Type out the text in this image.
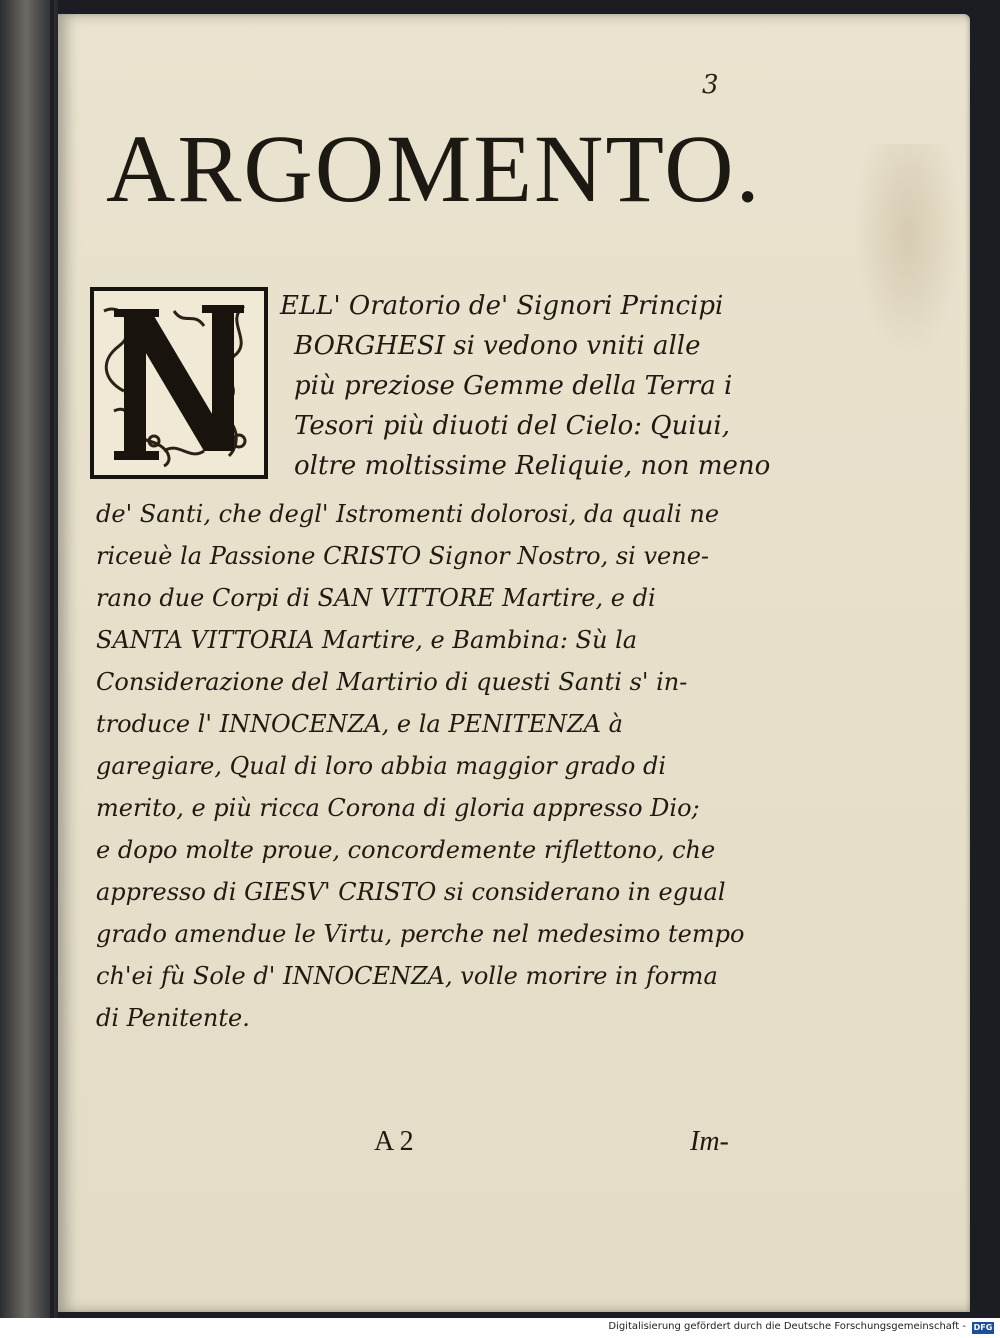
3
ARGOMENTO.
N	ELL' Oratorio de' Signori Principi
BORGHESI si vedono vniti alle
più preziose Gemme della Terra i
Tesori più diuoti del Cielo: Quiui,
oltre moltissime Reliquie, non meno
de' Santi, che degl' Istromenti dolorosi, da quali ne
riceuè la Passione CRISTO Signor Nostro, si vene-
rano due Corpi di SAN VITTORE Martire, e di
SANTA VITTORIA Martire, e Bambina: Sù la
Considerazione del Martirio di questi Santi s' in-
troduce l' INNOCENZA, e la PENITENZA à
garegiare, Qual di loro abbia maggior grado di
merito, e più ricca Corona di gloria appresso Dio;
e dopo molte proue, concordemente riflettono, che
appresso di GIESV' CRISTO si considerano in egual
grado amendue le Virtu, perche nel medesimo tempo
ch'ei fù Sole d' INNOCENZA, volle morire in forma
di Penitente.
A 2	Im-
Digitalisierung gefördert durch die Deutsche Forschungsgemeinschaft - DFG
